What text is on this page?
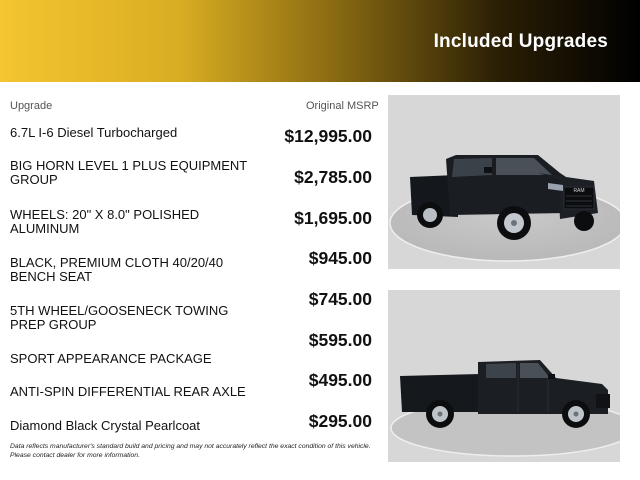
Included Upgrades
Upgrade	Original MSRP
6.7L I-6 Diesel Turbocharged
BIG HORN LEVEL 1 PLUS EQUIPMENT GROUP
WHEELS: 20" X 8.0" POLISHED ALUMINUM
BLACK, PREMIUM CLOTH 40/20/40 BENCH SEAT
5TH WHEEL/GOOSENECK TOWING PREP GROUP
SPORT APPEARANCE PACKAGE
ANTI-SPIN DIFFERENTIAL REAR AXLE
Diamond Black Crystal Pearlcoat
$12,995.00
$2,785.00
$1,695.00
$945.00
$745.00
$595.00
$495.00
$295.00
RAM
Data reflects manufacturer's standard build and pricing and may not accurately reflect the exact condition of this vehicle. Please contact dealer for more information.
